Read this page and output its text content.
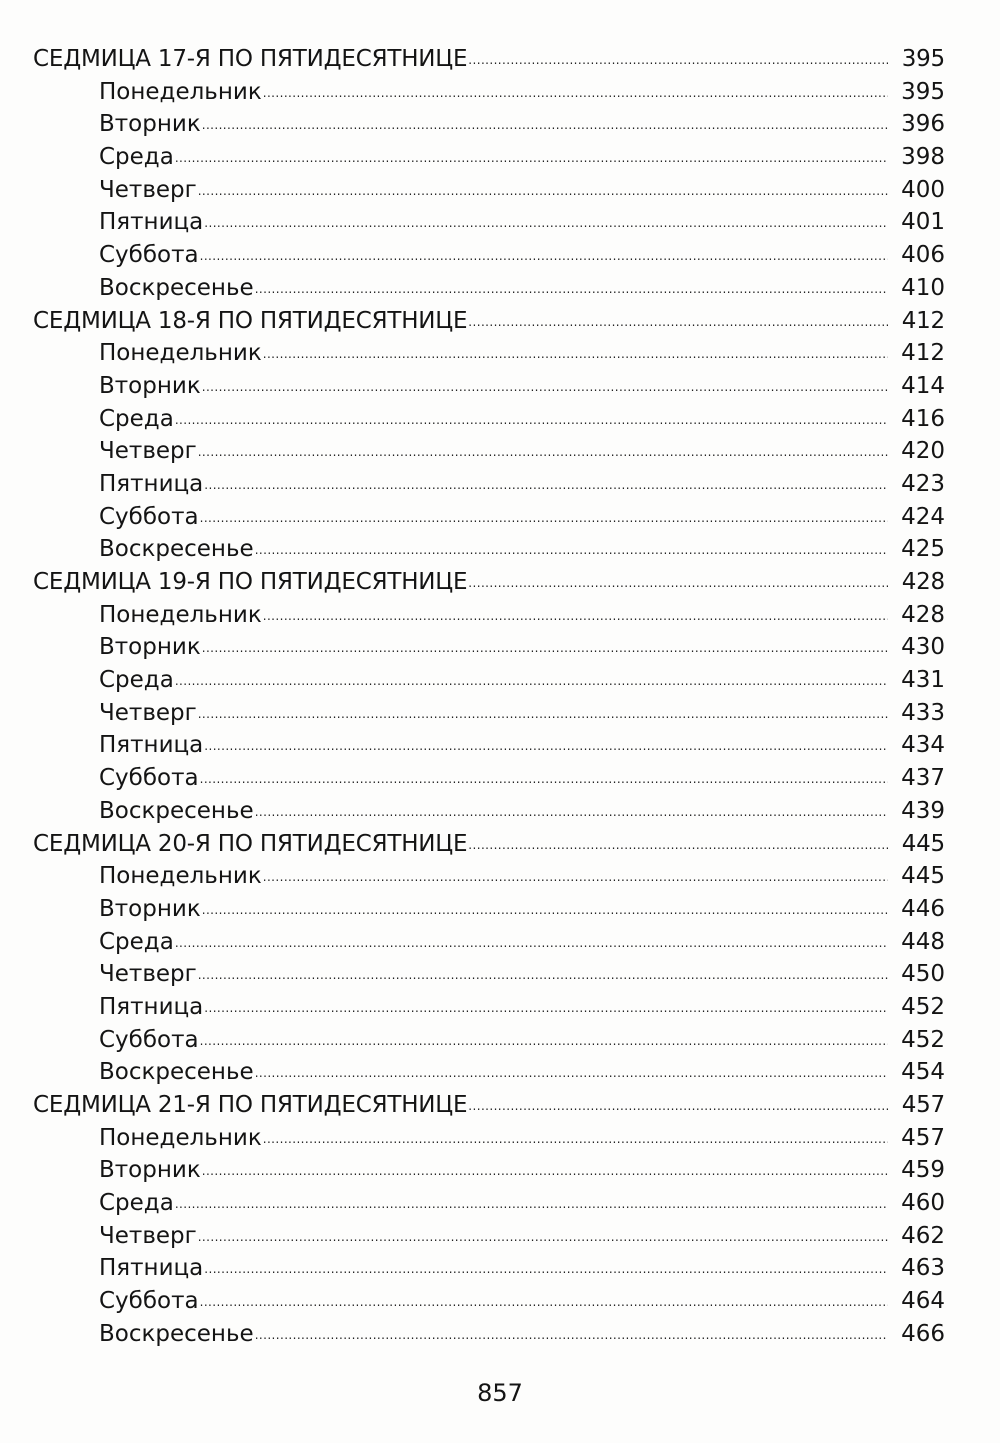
СЕДМИЦА 17-Я ПО ПЯТИДЕСЯТНИЦЕ .....	395
Понедельник .....	395
Вторник .....	396
Среда .....	398
Четверг .....	400
Пятница .....	401
Суббота .....	406
Воскресенье .....	410
СЕДМИЦА 18-Я ПО ПЯТИДЕСЯТНИЦЕ .....	412
Понедельник .....	412
Вторник .....	414
Среда .....	416
Четверг .....	420
Пятница .....	423
Суббота .....	424
Воскресенье .....	425
СЕДМИЦА 19-Я ПО ПЯТИДЕСЯТНИЦЕ .....	428
Понедельник .....	428
Вторник .....	430
Среда .....	431
Четверг .....	433
Пятница .....	434
Суббота .....	437
Воскресенье .....	439
СЕДМИЦА 20-Я ПО ПЯТИДЕСЯТНИЦЕ .....	445
Понедельник .....	445
Вторник .....	446
Среда .....	448
Четверг .....	450
Пятница .....	452
Суббота .....	452
Воскресенье .....	454
СЕДМИЦА 21-Я ПО ПЯТИДЕСЯТНИЦЕ .....	457
Понедельник .....	457
Вторник .....	459
Среда .....	460
Четверг .....	462
Пятница .....	463
Суббота .....	464
Воскресенье .....	466
857
